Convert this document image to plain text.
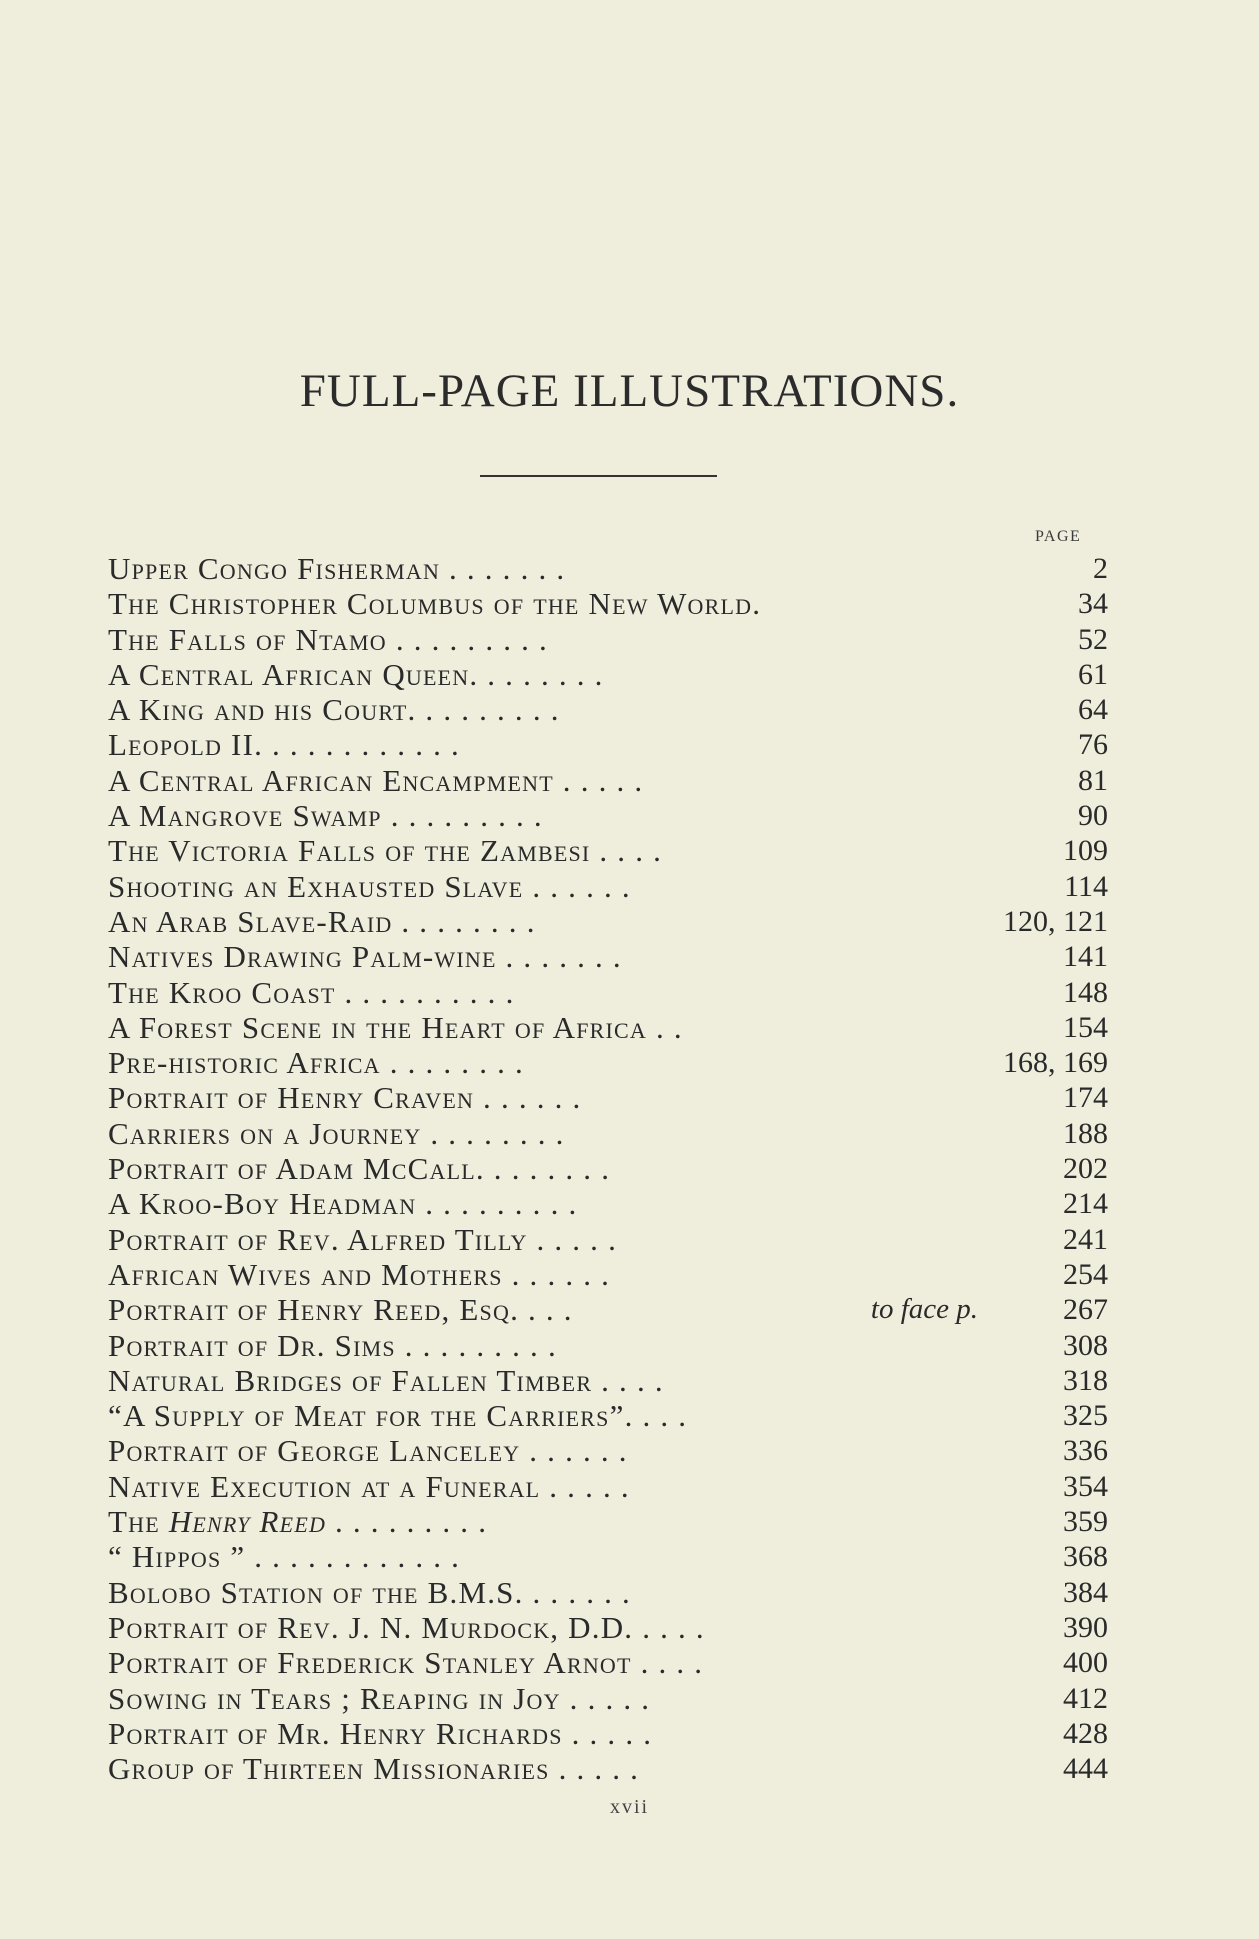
FULL-PAGE ILLUSTRATIONS.
PAGE
Upper Congo Fisherman . . . . . . .	2
The Christopher Columbus of the New World.	34
The Falls of Ntamo . . . . . . . . .	52
A Central African Queen. . . . . . . .	61
A King and his Court. . . . . . . . .	64
Leopold II. . . . . . . . . . . .	76
A Central African Encampment . . . . .	81
A Mangrove Swamp . . . . . . . . .	90
The Victoria Falls of the Zambesi . . . .	109
Shooting an Exhausted Slave . . . . . .	114
An Arab Slave-Raid . . . . . . . .	120, 121
Natives Drawing Palm-wine . . . . . . .	141
The Kroo Coast . . . . . . . . . .	148
A Forest Scene in the Heart of Africa . .	154
Pre-historic Africa . . . . . . . .	168, 169
Portrait of Henry Craven . . . . . .	174
Carriers on a Journey . . . . . . . .	188
Portrait of Adam McCall. . . . . . . .	202
A Kroo-Boy Headman . . . . . . . . .	214
Portrait of Rev. Alfred Tilly . . . . .	241
African Wives and Mothers . . . . . .	254
Portrait of Henry Reed, Esq. . . .	to face p.	267
Portrait of Dr. Sims . . . . . . . . .	308
Natural Bridges of Fallen Timber . . . .	318
“A Supply of Meat for the Carriers”. . . .	325
Portrait of George Lanceley . . . . . .	336
Native Execution at a Funeral . . . . .	354
The Henry Reed . . . . . . . . .	359
“ Hippos ” . . . . . . . . . . . .	368
Bolobo Station of the B.M.S. . . . . . .	384
Portrait of Rev. J. N. Murdock, D.D. . . . .	390
Portrait of Frederick Stanley Arnot . . . .	400
Sowing in Tears ; Reaping in Joy . . . . .	412
Portrait of Mr. Henry Richards . . . . .	428
Group of Thirteen Missionaries . . . . .	444
xvii
